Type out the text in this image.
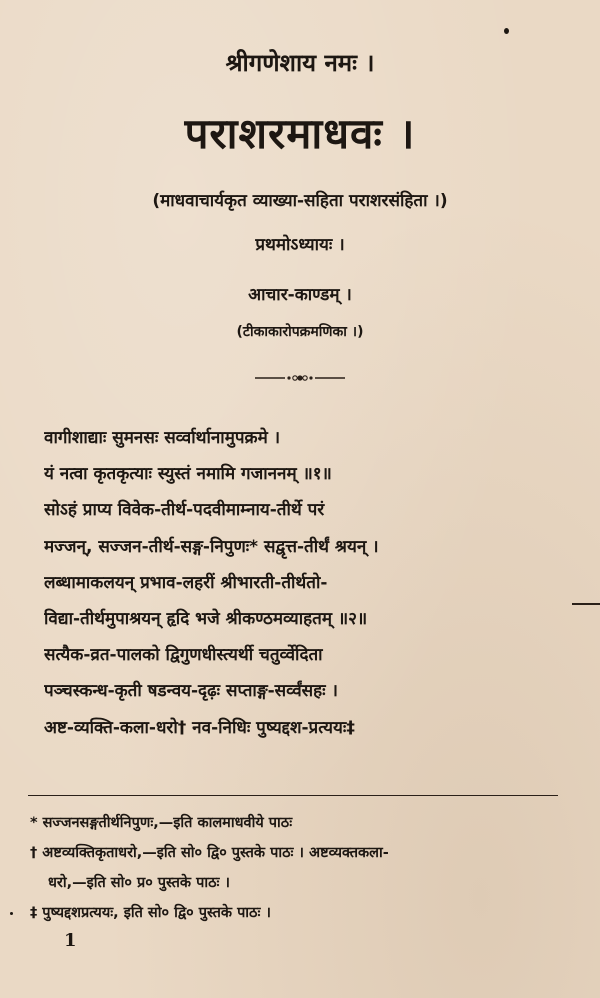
श्रीगणेशाय नमः ।
पराशरमाधवः ।
(माधवाचार्यकृत व्याख्या-सहिता पराशरसंहिता ।)
प्रथमोऽध्यायः ।
आचार-काण्डम् ।
(टीकाकारोपक्रमणिका ।)
वागीशाद्याः सुमनसः सर्व्वार्थानामुपक्रमे ।
यं नत्वा कृतकृत्याः स्युस्तं नमामि गजाननम् ॥१॥
सोऽहं प्राप्य विवेक-तीर्थ-पदवीमाम्नाय-तीर्थे परं
मज्जन्, सज्जन-तीर्थ-सङ्ग-निपुणः* सद्वृत्त-तीर्थं श्रयन् ।
लब्धामाकलयन् प्रभाव-लहरीं श्रीभारती-तीर्थतो-
विद्या-तीर्थमुपाश्रयन् हृदि भजे श्रीकण्ठमव्याहतम् ॥२॥
सत्यैक-व्रत-पालको द्विगुणधीस्त्यर्थी चतुर्व्वेदिता
पञ्चस्कन्ध-कृती षडन्वय-दृढ़ः सप्ताङ्ग-सर्व्वंसहः ।
अष्ट-व्यक्ति-कला-धरो† नव-निधिः पुष्यद्दश-प्रत्ययः‡
* सज्जनसङ्गतीर्थनिपुणः,—इति कालमाधवीये पाठः
† अष्टव्यक्तिकृताधरो,—इति सो० द्वि० पुस्तके पाठः । अष्टव्यक्तकला-
धरो,—इति सो० प्र० पुस्तके पाठः ।
‡ पुष्यद्दशप्रत्ययः, इति सो० द्वि० पुस्तके पाठः ।
1
